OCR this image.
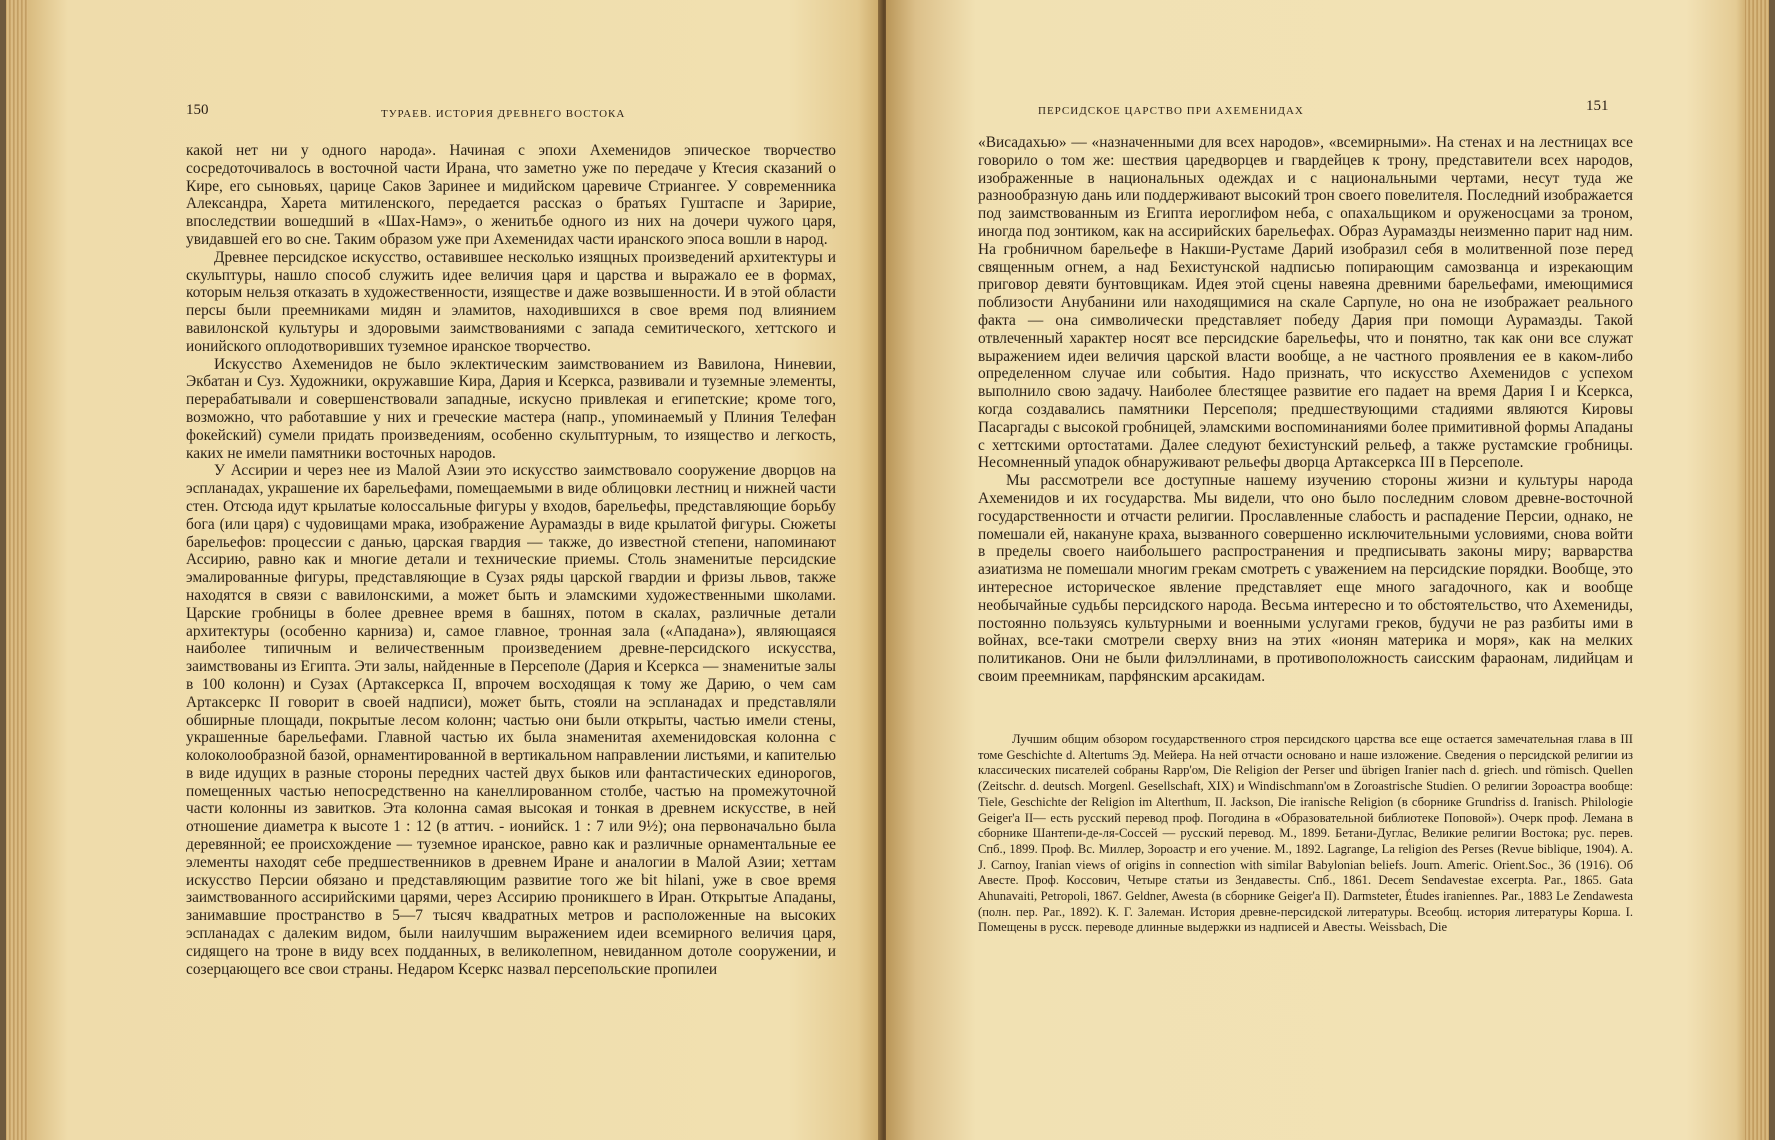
150	ТУРАЕВ. ИСТОРИЯ ДРЕВНЕГО ВОСТОКА

какой нет ни у одного народа». Начиная с эпохи Ахеменидов эпическое творчество сосредоточивалось в восточной части Ирана, что заметно уже по передаче у Ктесия сказаний о Кире, его сыновьях, царице Саков Заринее и мидийском царевиче Стриангее. У современника Александра, Харета митиленского, передается рассказ о братьях Гуштаспе и Заририе, впоследствии вошедший в «Шах-Намэ», о женитьбе одного из них на дочери чужого царя, увидавшей его во сне. Таким образом уже при Ахеменидах части иранского эпоса вошли в народ.

Древнее персидское искусство, оставившее несколько изящных произведений архитектуры и скульптуры, нашло способ служить идее величия царя и царства и выражало ее в формах, которым нельзя отказать в художественности, изяществе и даже возвышенности. И в этой области персы были преемниками мидян и эламитов, находившихся в свое время под влиянием вавилонской культуры и здоровыми заимствованиями с запада семитического, хеттского и ионийского оплодотворивших туземное иранское творчество.

Искусство Ахеменидов не было эклектическим заимствованием из Вавилона, Ниневии, Экбатан и Суз. Художники, окружавшие Кира, Дария и Ксеркса, развивали и туземные элементы, перерабатывали и совершенствовали западные, искусно привлекая и египетские; кроме того, возможно, что работавшие у них и греческие мастера (напр., упоминаемый у Плиния Телефан фокейский) сумели придать произведениям, особенно скульптурным, то изящество и легкость, каких не имели памятники восточных народов.

У Ассирии и через нее из Малой Азии это искусство заимствовало сооружение дворцов на эспланадах, украшение их барельефами, помещаемыми в виде облицовки лестниц и нижней части стен. Отсюда идут крылатые колоссальные фигуры у входов, барельефы, представляющие борьбу бога (или царя) с чудовищами мрака, изображение Аурамазды в виде крылатой фигуры. Сюжеты барельефов: процессии с данью, царская гвардия — также, до известной степени, напоминают Ассирию, равно как и многие детали и технические приемы. Столь знаменитые персидские эмалированные фигуры, представляющие в Сузах ряды царской гвардии и фризы львов, также находятся в связи с вавилонскими, а может быть и эламскими художественными школами. Царские гробницы в более древнее время в башнях, потом в скалах, различные детали архитектуры (особенно карниза) и, самое главное, тронная зала («Ападана»), являющаяся наиболее типичным и величественным произведением древне-персидского искусства, заимствованы из Египта. Эти залы, найденные в Персеполе (Дария и Ксеркса — знаменитые залы в 100 колонн) и Сузах (Артаксеркса II, впрочем восходящая к тому же Дарию, о чем сам Артаксеркс II говорит в своей надписи), может быть, стояли на эспланадах и представляли обширные площади, покрытые лесом колонн; частью они были открыты, частью имели стены, украшенные барельефами. Главной частью их была знаменитая ахеменидовская колонна с колоколообразной базой, орнаментированной в вертикальном направлении листьями, и капителью в виде идущих в разные стороны передних частей двух быков или фантастических единорогов, помещенных частью непосредственно на канеллированном столбе, частью на промежуточной части колонны из завитков. Эта колонна самая высокая и тонкая в древнем искусстве, в ней отношение диаметра к высоте 1 : 12 (в аттич. - ионийск. 1 : 7 или 9½); она первоначально была деревянной; ее происхождение — туземное иранское, равно как и различные орнаментальные ее элементы находят себе предшественников в древнем Иране и аналогии в Малой Азии; хеттам искусство Персии обязано и представляющим развитие того же bit hilani, уже в свое время заимствованного ассирийскими царями, через Ассирию проникшего в Иран. Открытые Ападаны, занимавшие пространство в 5—7 тысяч квадратных метров и расположенные на высоких эспланадах с далеким видом, были наилучшим выражением идеи всемирного величия царя, сидящего на троне в виду всех подданных, в великолепном, невиданном дотоле сооружении, и созерцающего все свои страны. Недаром Ксеркс назвал персепольские пропилеи

ПЕРСИДСКОЕ ЦАРСТВО ПРИ АХЕМЕНИДАХ	151

«Висадахью» — «назначенными для всех народов», «всемирными». На стенах и на лестницах все говорило о том же: шествия царедворцев и гвардейцев к трону, представители всех народов, изображенные в национальных одеждах и с национальными чертами, несут туда же разнообразную дань или поддерживают высокий трон своего повелителя. Последний изображается под заимствованным из Египта иероглифом неба, с опахальщиком и оруженосцами за троном, иногда под зонтиком, как на ассирийских барельефах. Образ Аурамазды неизменно парит над ним. На гробничном барельефе в Накши-Рустаме Дарий изобразил себя в молитвенной позе перед священным огнем, а над Бехистунской надписью попирающим самозванца и изрекающим приговор девяти бунтовщикам. Идея этой сцены навеяна древними барельефами, имеющимися поблизости Анубанини или находящимися на скале Сарпуле, но она не изображает реального факта — она символически представляет победу Дария при помощи Аурамазды. Такой отвлеченный характер носят все персидские барельефы, что и понятно, так как они все служат выражением идеи величия царской власти вообще, а не частного проявления ее в каком-либо определенном случае или события. Надо признать, что искусство Ахеменидов с успехом выполнило свою задачу. Наиболее блестящее развитие его падает на время Дария I и Ксеркса, когда создавались памятники Персеполя; предшествующими стадиями являются Кировы Пасаргады с высокой гробницей, эламскими воспоминаниями более примитивной формы Ападаны с хеттскими ортостатами. Далее следуют бехистунский рельеф, а также рустамские гробницы. Несомненный упадок обнаруживают рельефы дворца Артаксеркса III в Персеполе.

Мы рассмотрели все доступные нашему изучению стороны жизни и культуры народа Ахеменидов и их государства. Мы видели, что оно было последним словом древне-восточной государственности и отчасти религии. Прославленные слабость и распадение Персии, однако, не помешали ей, накануне краха, вызванного совершенно исключительными условиями, снова войти в пределы своего наибольшего распространения и предписывать законы миру; варварства азиатизма не помешали многим грекам смотреть с уважением на персидские порядки. Вообще, это интересное историческое явление представляет еще много загадочного, как и вообще необычайные судьбы персидского народа. Весьма интересно и то обстоятельство, что Ахемениды, постоянно пользуясь культурными и военными услугами греков, будучи не раз разбиты ими в войнах, все-таки смотрели сверху вниз на этих «ионян материка и моря», как на мелких политиканов. Они не были филэллинами, в противоположность саисским фараонам, лидийцам и своим преемникам, парфянским арсакидам.

Лучшим общим обзором государственного строя персидского царства все еще остается замечательная глава в III томе Geschichte d. Altertums Эд. Мейера. На ней отчасти основано и наше изложение. Сведения о персидской религии из классических писателей собраны Rapp'ом, Die Religion der Perser und übrigen Iranier nach d. griech. und römisch. Quellen (Zeitschr. d. deutsch. Morgenl. Gesellschaft, XIX) и Windischmann'ом в Zoroastrische Studien. О религии Зороастра вообще: Tiele, Geschichte der Religion im Alterthum, II. Jackson, Die iranische Religion (в сборнике Grundriss d. Iranisch. Philologie Geiger'a II— есть русский перевод проф. Погодина в «Образовательной библиотеке Поповой»). Очерк проф. Лемана в сборнике Шантепи-де-ля-Соссей — русский перевод. М., 1899. Бетани-Дуглас, Великие религии Востока; рус. перев. Спб., 1899. Проф. Вс. Миллер, Зороастр и его учение. М., 1892. Lagrange, La religion des Perses (Revue biblique, 1904). A. J. Carnoy, Iranian views of origins in connection with similar Babylonian beliefs. Journ. Americ. Orient.Soc., 36 (1916). Об Авесте. Проф. Коссович, Четыре статьи из Зендавесты. Спб., 1861. Decem Sendavestae excerpta. Par., 1865. Gata Ahunavaiti, Petropoli, 1867. Geldner, Awesta (в сборнике Geiger'a II). Darmsteter, Études iraniennes. Par., 1883 Le Zendawesta (полн. пер. Par., 1892). К. Г. Залеман. История древне-персидской литературы. Всеобщ. история литературы Корша. I. Помещены в русск. переводе длинные выдержки из надписей и Авесты. Weissbach, Die
